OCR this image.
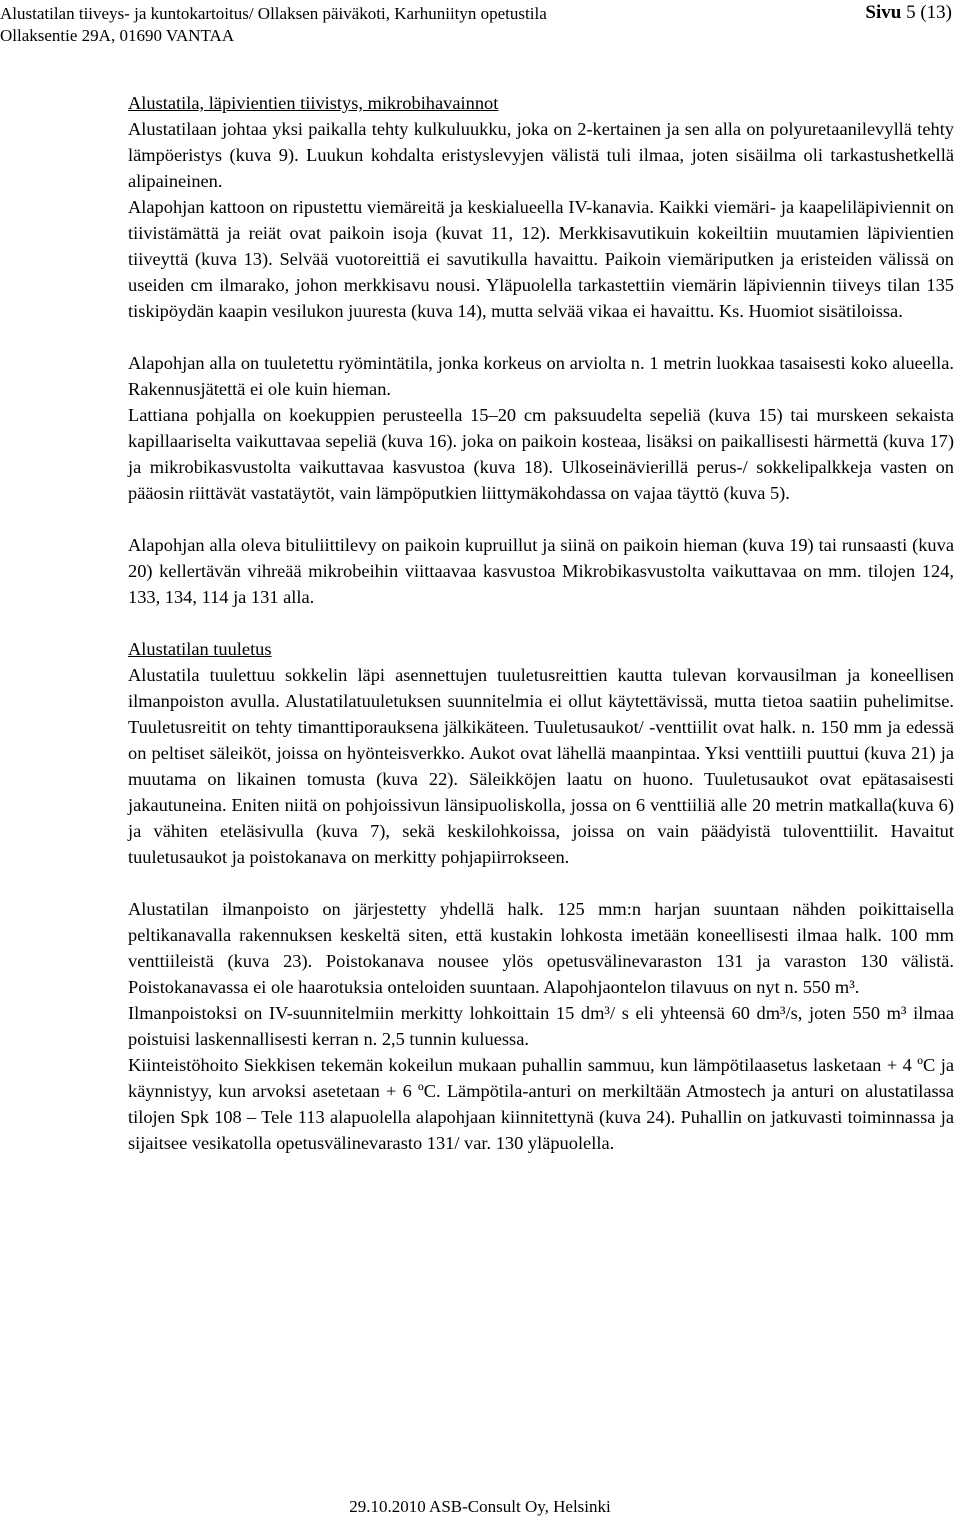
Alustatilan tiiveys- ja kuntokartoitus/ Ollaksen päiväkoti, Karhuniityn opetustila
Ollaksentie 29A, 01690 VANTAA
Sivu 5 (13)

Alustatila, läpivientien tiivistys, mikrobihavainnot

Alustatilaan johtaa yksi paikalla tehty kulkuluukku, joka on 2-kertainen ja sen alla on polyuretaanilevyllä tehty lämpöeristys (kuva 9). Luukun kohdalta eristyslevyjen välistä tuli ilmaa, joten sisäilma oli tarkastushetkellä alipaineinen.

Alapohjan kattoon on ripustettu viemäreitä ja keskialueella IV-kanavia. Kaikki viemäri- ja kaapeliläpiviennit on tiivistämättä ja reiät ovat paikoin isoja (kuvat 11, 12). Merkkisavutikuin kokeiltiin muutamien läpivientien tiiveyttä (kuva 13). Selvää vuotoreittiä ei savutikulla havaittu. Paikoin viemäriputken ja eristeiden välissä on useiden cm ilmarako, johon merkkisavu nousi. Yläpuolella tarkastettiin viemärin läpiviennin tiiveys tilan 135 tiskipöydän kaapin vesilukon juuresta (kuva 14), mutta selvää vikaa ei havaittu. Ks. Huomiot sisätiloissa.

Alapohjan alla on tuuletettu ryömintätila, jonka korkeus on arviolta n. 1 metrin luokkaa tasaisesti koko alueella. Rakennusjätettä ei ole kuin hieman.

Lattiana pohjalla on koekuppien perusteella 15–20 cm paksuudelta sepeliä (kuva 15) tai murskeen sekaista kapillaariselta vaikuttavaa sepeliä (kuva 16). joka on paikoin kosteaa, lisäksi on paikallisesti härmettä (kuva 17) ja mikrobikasvustolta vaikuttavaa kasvustoa (kuva 18). Ulkoseinävierillä perus-/ sokkelipalkkeja vasten on pääosin riittävät vastatäytöt, vain lämpöputkien liittymäkohdassa on vajaa täyttö (kuva 5).

Alapohjan alla oleva bituliittilevy on paikoin kupruillut ja siinä on paikoin hieman (kuva 19) tai runsaasti (kuva 20) kellertävän vihreää mikrobeihin viittaavaa kasvustoa Mikrobikasvustolta vaikuttavaa on mm. tilojen 124, 133, 134, 114 ja 131 alla.

Alustatilan tuuletus

Alustatila tuulettuu sokkelin läpi asennettujen tuuletusreittien kautta tulevan korvausilman ja koneellisen ilmanpoiston avulla. Alustatilatuuletuksen suunnitelmia ei ollut käytettävissä, mutta tietoa saatiin puhelimitse. Tuuletusreitit on tehty timanttiporauksena jälkikäteen. Tuuletusaukot/ -venttiilit ovat halk. n. 150 mm ja edessä on peltiset säleiköt, joissa on hyönteisverkko. Aukot ovat lähellä maanpintaa. Yksi venttiili puuttui (kuva 21) ja muutama on likainen tomusta (kuva 22). Säleikköjen laatu on huono. Tuuletusaukot ovat epätasaisesti jakautuneina. Eniten niitä on pohjoissivun länsipuoliskolla, jossa on 6 venttiiliä alle 20 metrin matkalla(kuva 6) ja vähiten eteläsivulla (kuva 7), sekä keskilohkoissa, joissa on vain päädyistä tuloventtiilit. Havaitut tuuletusaukot ja poistokanava on merkitty pohjapiirrokseen.

Alustatilan ilmanpoisto on järjestetty yhdellä halk. 125 mm:n harjan suuntaan nähden poikittaisella peltikanavalla rakennuksen keskeltä siten, että kustakin lohkosta imetään koneellisesti ilmaa halk. 100 mm venttiileistä (kuva 23). Poistokanava nousee ylös opetusvälinevaraston 131 ja varaston 130 välistä. Poistokanavassa ei ole haarotuksia onteloiden suuntaan. Alapohjaontelon tilavuus on nyt n. 550 m³.

Ilmanpoistoksi on IV-suunnitelmiin merkitty lohkoittain 15 dm³/ s eli yhteensä 60 dm³/s, joten 550 m³ ilmaa poistuisi laskennallisesti kerran n. 2,5 tunnin kuluessa.

Kiinteistöhoito Siekkisen tekemän kokeilun mukaan puhallin sammuu, kun lämpötilaasetus lasketaan + 4 ºC ja käynnistyy, kun arvoksi asetetaan + 6 ºC. Lämpötila-anturi on merkiltään Atmostech ja anturi on alustatilassa tilojen Spk 108 – Tele 113 alapuolella alapohjaan kiinnitettynä (kuva 24). Puhallin on jatkuvasti toiminnassa ja sijaitsee vesikatolla opetusvälinevarasto 131/ var. 130 yläpuolella.

29.10.2010 ASB-Consult Oy, Helsinki
